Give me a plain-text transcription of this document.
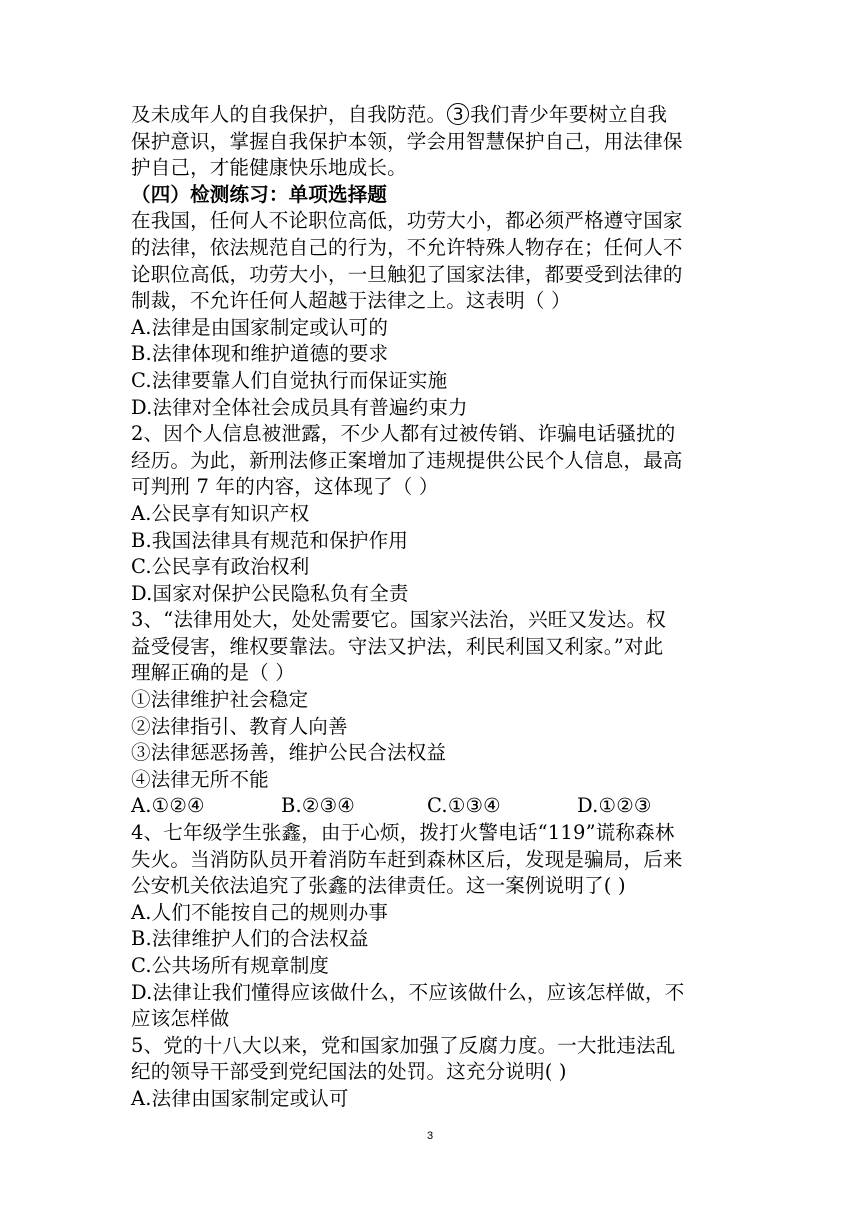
及未成年人的自我保护，自我防范。 3 我们青少年要树立自我
保护意识，掌握自我保护本领，学会用智慧保护自己，用法律保
护自己，才能健康快乐地成长。
（四）检测练习：单项选择题
在我国，任何人不论职位高低，功劳大小，都必须严格遵守国家
的法律，依法规范自己的行为，不允许特殊人物存在；任何人不
论职位高低，功劳大小，一旦触犯了国家法律，都要受到法律的
制裁，不允许任何人超越于法律之上。这表明（ ）
A.法律是由国家制定或认可的
B.法律体现和维护道德的要求
C.法律要靠人们自觉执行而保证实施
D.法律对全体社会成员具有普遍约束力
2、因个人信息被泄露，不少人都有过被传销、诈骗电话骚扰的
经历。为此，新刑法修正案增加了违规提供公民个人信息，最高
可判刑 7 年的内容，这体现了（ ）
A.公民享有知识产权
B.我国法律具有规范和保护作用
C.公民享有政治权利
D.国家对保护公民隐私负有全责
3、“法律用处大，处处需要它。国家兴法治，兴旺又发达。权
益受侵害，维权要靠法。守法又护法，利民利国又利家。”对此
理解正确的是（ ）
①法律维护社会稳定
②法律指引、教育人向善
③法律惩恶扬善，维护公民合法权益
④法律无所不能
A.①②④	B.②③④	C.①③④	D.①②③
4、七年级学生张鑫，由于心烦，拨打火警电话“119”谎称森林
失火。当消防队员开着消防车赶到森林区后，发现是骗局，后来
公安机关依法追究了张鑫的法律责任。这一案例说明了( )
A.人们不能按自己的规则办事
B.法律维护人们的合法权益
C.公共场所有规章制度
D.法律让我们懂得应该做什么，不应该做什么，应该怎样做，不
应该怎样做
5、党的十八大以来，党和国家加强了反腐力度。一大批违法乱
纪的领导干部受到党纪国法的处罚。这充分说明( )
A.法律由国家制定或认可
3
